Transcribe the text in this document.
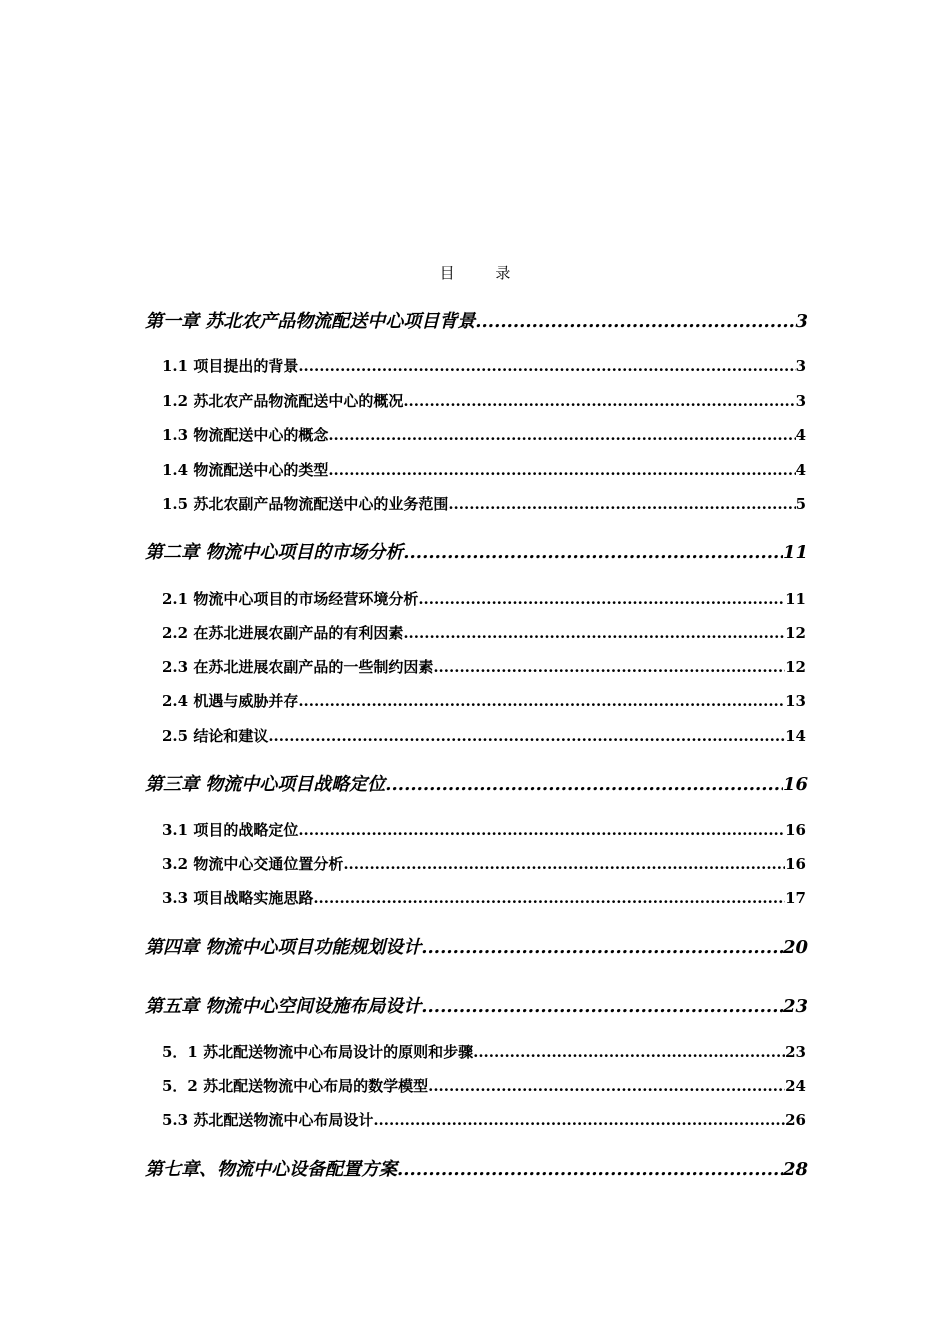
目 录
第一章 苏北农产品物流配送中心项目背景 .....	3
1.1 项目提出的背景 .....	3
1.2 苏北农产品物流配送中心的概况 .....	3
1.3 物流配送中心的概念 .....	4
1.4 物流配送中心的类型 .....	4
1.5 苏北农副产品物流配送中心的业务范围 .....	5
第二章 物流中心项目的市场分析 .....	11
2.1 物流中心项目的市场经营环境分析 .....	11
2.2 在苏北进展农副产品的有利因素 .....	12
2.3 在苏北进展农副产品的一些制约因素 .....	12
2.4 机遇与威胁并存 .....	13
2.5 结论和建议 .....	14
第三章 物流中心项目战略定位 .....	16
3.1 项目的战略定位 .....	16
3.2 物流中心交通位置分析 .....	16
3.3 项目战略实施思路 .....	17
第四章 物流中心项目功能规划设计 .....	20
第五章 物流中心空间设施布局设计 .....	23
5．1 苏北配送物流中心布局设计的原则和步骤 .....	23
5．2 苏北配送物流中心布局的数学模型 .....	24
5.3 苏北配送物流中心布局设计 .....	26
第七章、物流中心设备配置方案 .....	28
